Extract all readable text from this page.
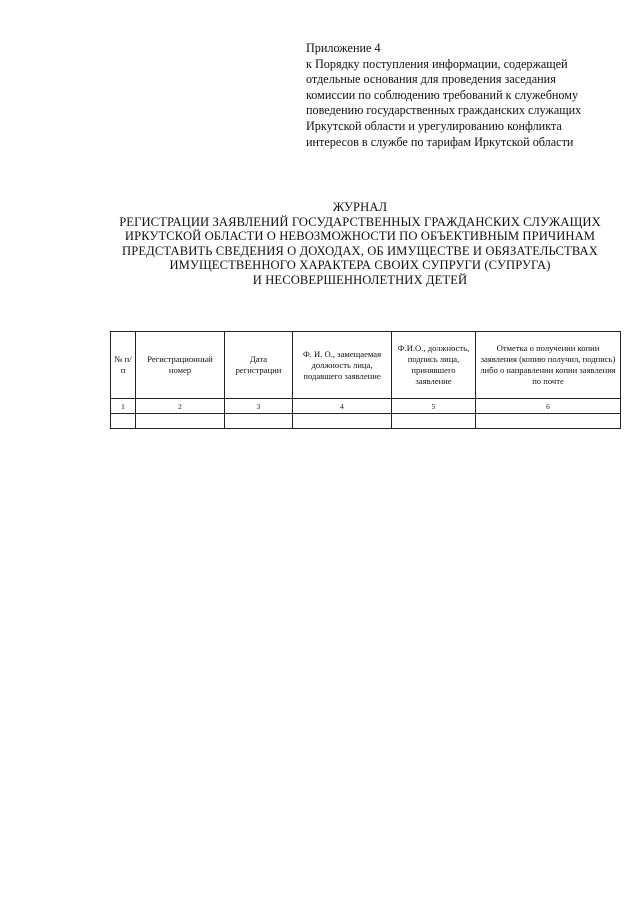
Приложение 4
к Порядку поступления информации, содержащей
отдельные основания для проведения заседания
комиссии по соблюдению требований к служебному
поведению государственных гражданских служащих
Иркутской области и урегулированию конфликта
интересов в службе по тарифам Иркутской области
ЖУРНАЛ
РЕГИСТРАЦИИ ЗАЯВЛЕНИЙ ГОСУДАРСТВЕННЫХ ГРАЖДАНСКИХ СЛУЖАЩИХ
ИРКУТСКОЙ ОБЛАСТИ О НЕВОЗМОЖНОСТИ ПО ОБЪЕКТИВНЫМ ПРИЧИНАМ
ПРЕДСТАВИТЬ СВЕДЕНИЯ О ДОХОДАХ, ОБ ИМУЩЕСТВЕ И ОБЯЗАТЕЛЬСТВАХ
ИМУЩЕСТВЕННОГО ХАРАКТЕРА СВОИХ СУПРУГИ (СУПРУГА)
И НЕСОВЕРШЕННОЛЕТНИХ ДЕТЕЙ
№ п/п	Регистрационный номер	Дата регистрации	Ф. И. О., замещаемая должность лица, подавшего заявление	Ф.И.О., должность, подпись лица, принявшего заявление	Отметка о получении копии заявления (копию получил, подпись) либо о направлении копии заявления по почте
1	2	3	4	5	6
